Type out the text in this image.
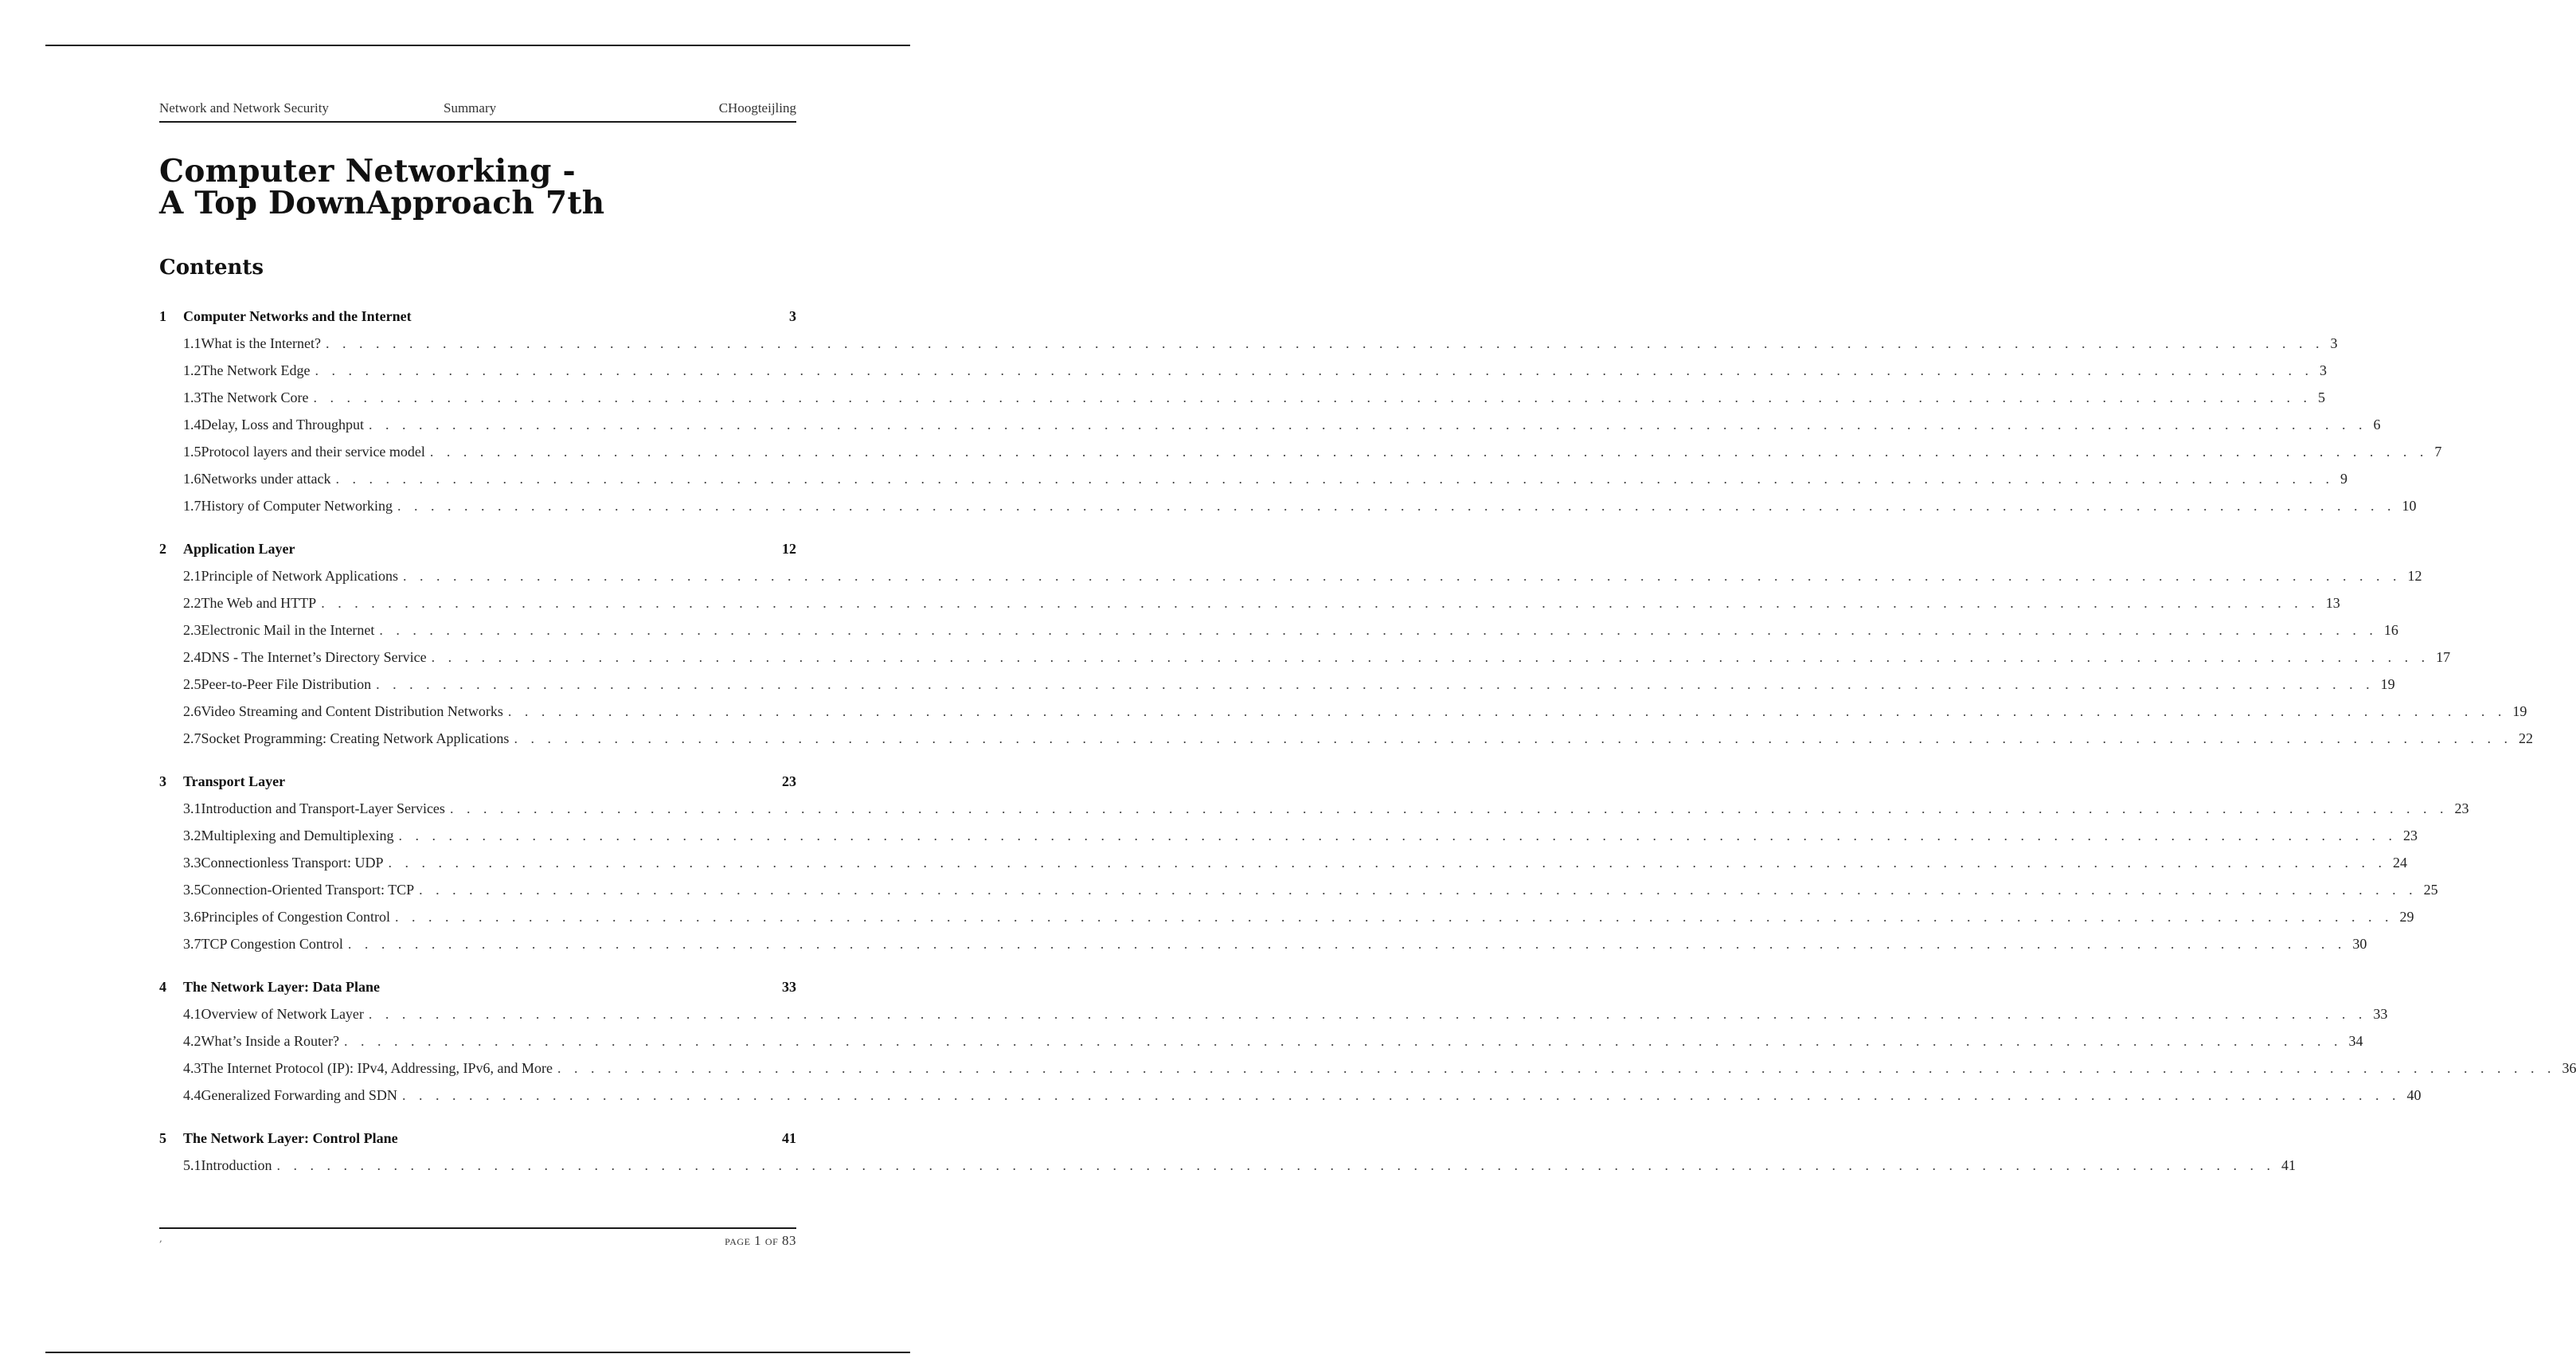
Network and Network Security	Summary	CHoogteijling
Computer Networking -
A Top DownApproach 7th
Contents
1	Computer Networks and the Internet	3
1.1 What is the Internet? . . . . . . . . . . . . . . . . . . . . . . . . . . . . . . . . . . . . . . . . . . . . . . . . . . . . . . . . . . . . . . . . . . . . . . . . . . . . . . . . . . . . . . . . . . . . . . . . . . . . . . . . . . . . . . . . . . . . . . . . 3
1.2 The Network Edge . . . . . . . . . . . . . . . . . . . . . . . . . . . . . . . . . . . . . . . . . . . . . . . . . . . . . . . . . . . . . . . . . . . . . . . . . . . . . . . . . . . . . . . . . . . . . . . . . . . . . . . . . . . . . . . . . . . . . . . . 3
1.3 The Network Core . . . . . . . . . . . . . . . . . . . . . . . . . . . . . . . . . . . . . . . . . . . . . . . . . . . . . . . . . . . . . . . . . . . . . . . . . . . . . . . . . . . . . . . . . . . . . . . . . . . . . . . . . . . . . . . . . . . . . . . . 5
1.4 Delay, Loss and Throughput . . . . . . . . . . . . . . . . . . . . . . . . . . . . . . . . . . . . . . . . . . . . . . . . . . . . . . . . . . . . . . . . . . . . . . . . . . . . . . . . . . . . . . . . . . . . . . . . . . . . . . . . . . . . . . . . . . . . . . . . 6
1.5 Protocol layers and their service model . . . . . . . . . . . . . . . . . . . . . . . . . . . . . . . . . . . . . . . . . . . . . . . . . . . . . . . . . . . . . . . . . . . . . . . . . . . . . . . . . . . . . . . . . . . . . . . . . . . . . . . . . . . . . . . . . . . . . . . . 7
1.6 Networks under attack . . . . . . . . . . . . . . . . . . . . . . . . . . . . . . . . . . . . . . . . . . . . . . . . . . . . . . . . . . . . . . . . . . . . . . . . . . . . . . . . . . . . . . . . . . . . . . . . . . . . . . . . . . . . . . . . . . . . . . . . 9
1.7 History of Computer Networking . . . . . . . . . . . . . . . . . . . . . . . . . . . . . . . . . . . . . . . . . . . . . . . . . . . . . . . . . . . . . . . . . . . . . . . . . . . . . . . . . . . . . . . . . . . . . . . . . . . . . . . . . . . . . . . . . . . . . . . . 10
2	Application Layer	12
2.1 Principle of Network Applications . . . . . . . . . . . . . . . . . . . . . . . . . . . . . . . . . . . . . . . . . . . . . . . . . . . . . . . . . . . . . . . . . . . . . . . . . . . . . . . . . . . . . . . . . . . . . . . . . . . . . . . . . . . . . . . . . . . . . . . . 12
2.2 The Web and HTTP . . . . . . . . . . . . . . . . . . . . . . . . . . . . . . . . . . . . . . . . . . . . . . . . . . . . . . . . . . . . . . . . . . . . . . . . . . . . . . . . . . . . . . . . . . . . . . . . . . . . . . . . . . . . . . . . . . . . . . . . 13
2.3 Electronic Mail in the Internet . . . . . . . . . . . . . . . . . . . . . . . . . . . . . . . . . . . . . . . . . . . . . . . . . . . . . . . . . . . . . . . . . . . . . . . . . . . . . . . . . . . . . . . . . . . . . . . . . . . . . . . . . . . . . . . . . . . . . . . . 16
2.4 DNS - The Internet’s Directory Service . . . . . . . . . . . . . . . . . . . . . . . . . . . . . . . . . . . . . . . . . . . . . . . . . . . . . . . . . . . . . . . . . . . . . . . . . . . . . . . . . . . . . . . . . . . . . . . . . . . . . . . . . . . . . . . . . . . . . . . . 17
2.5 Peer-to-Peer File Distribution . . . . . . . . . . . . . . . . . . . . . . . . . . . . . . . . . . . . . . . . . . . . . . . . . . . . . . . . . . . . . . . . . . . . . . . . . . . . . . . . . . . . . . . . . . . . . . . . . . . . . . . . . . . . . . . . . . . . . . . . 19
2.6 Video Streaming and Content Distribution Networks . . . . . . . . . . . . . . . . . . . . . . . . . . . . . . . . . . . . . . . . . . . . . . . . . . . . . . . . . . . . . . . . . . . . . . . . . . . . . . . . . . . . . . . . . . . . . . . . . . . . . . . . . . . . . . . . . . . . . . . . 19
2.7 Socket Programming: Creating Network Applications . . . . . . . . . . . . . . . . . . . . . . . . . . . . . . . . . . . . . . . . . . . . . . . . . . . . . . . . . . . . . . . . . . . . . . . . . . . . . . . . . . . . . . . . . . . . . . . . . . . . . . . . . . . . . . . . . . . . . . . . 22
3	Transport Layer	23
3.1 Introduction and Transport-Layer Services . . . . . . . . . . . . . . . . . . . . . . . . . . . . . . . . . . . . . . . . . . . . . . . . . . . . . . . . . . . . . . . . . . . . . . . . . . . . . . . . . . . . . . . . . . . . . . . . . . . . . . . . . . . . . . . . . . . . . . . . 23
3.2 Multiplexing and Demultiplexing . . . . . . . . . . . . . . . . . . . . . . . . . . . . . . . . . . . . . . . . . . . . . . . . . . . . . . . . . . . . . . . . . . . . . . . . . . . . . . . . . . . . . . . . . . . . . . . . . . . . . . . . . . . . . . . . . . . . . . . . 23
3.3 Connectionless Transport: UDP . . . . . . . . . . . . . . . . . . . . . . . . . . . . . . . . . . . . . . . . . . . . . . . . . . . . . . . . . . . . . . . . . . . . . . . . . . . . . . . . . . . . . . . . . . . . . . . . . . . . . . . . . . . . . . . . . . . . . . . . 24
3.5 Connection-Oriented Transport: TCP . . . . . . . . . . . . . . . . . . . . . . . . . . . . . . . . . . . . . . . . . . . . . . . . . . . . . . . . . . . . . . . . . . . . . . . . . . . . . . . . . . . . . . . . . . . . . . . . . . . . . . . . . . . . . . . . . . . . . . . . 25
3.6 Principles of Congestion Control . . . . . . . . . . . . . . . . . . . . . . . . . . . . . . . . . . . . . . . . . . . . . . . . . . . . . . . . . . . . . . . . . . . . . . . . . . . . . . . . . . . . . . . . . . . . . . . . . . . . . . . . . . . . . . . . . . . . . . . . 29
3.7 TCP Congestion Control . . . . . . . . . . . . . . . . . . . . . . . . . . . . . . . . . . . . . . . . . . . . . . . . . . . . . . . . . . . . . . . . . . . . . . . . . . . . . . . . . . . . . . . . . . . . . . . . . . . . . . . . . . . . . . . . . . . . . . . . 30
4	The Network Layer: Data Plane	33
4.1 Overview of Network Layer . . . . . . . . . . . . . . . . . . . . . . . . . . . . . . . . . . . . . . . . . . . . . . . . . . . . . . . . . . . . . . . . . . . . . . . . . . . . . . . . . . . . . . . . . . . . . . . . . . . . . . . . . . . . . . . . . . . . . . . . 33
4.2 What’s Inside a Router? . . . . . . . . . . . . . . . . . . . . . . . . . . . . . . . . . . . . . . . . . . . . . . . . . . . . . . . . . . . . . . . . . . . . . . . . . . . . . . . . . . . . . . . . . . . . . . . . . . . . . . . . . . . . . . . . . . . . . . . . 34
4.3 The Internet Protocol (IP): IPv4, Addressing, IPv6, and More . . . . . . . . . . . . . . . . . . . . . . . . . . . . . . . . . . . . . . . . . . . . . . . . . . . . . . . . . . . . . . . . . . . . . . . . . . . . . . . . . . . . . . . . . . . . . . . . . . . . . . . . . . . . . . . . . . . . . . . . 36
4.4 Generalized Forwarding and SDN . . . . . . . . . . . . . . . . . . . . . . . . . . . . . . . . . . . . . . . . . . . . . . . . . . . . . . . . . . . . . . . . . . . . . . . . . . . . . . . . . . . . . . . . . . . . . . . . . . . . . . . . . . . . . . . . . . . . . . . . 40
5	The Network Layer: Control Plane	41
5.1 Introduction . . . . . . . . . . . . . . . . . . . . . . . . . . . . . . . . . . . . . . . . . . . . . . . . . . . . . . . . . . . . . . . . . . . . . . . . . . . . . . . . . . . . . . . . . . . . . . . . . . . . . . . . . . . . . . . . . . . . . . . . 41
,	page 1 of 83
